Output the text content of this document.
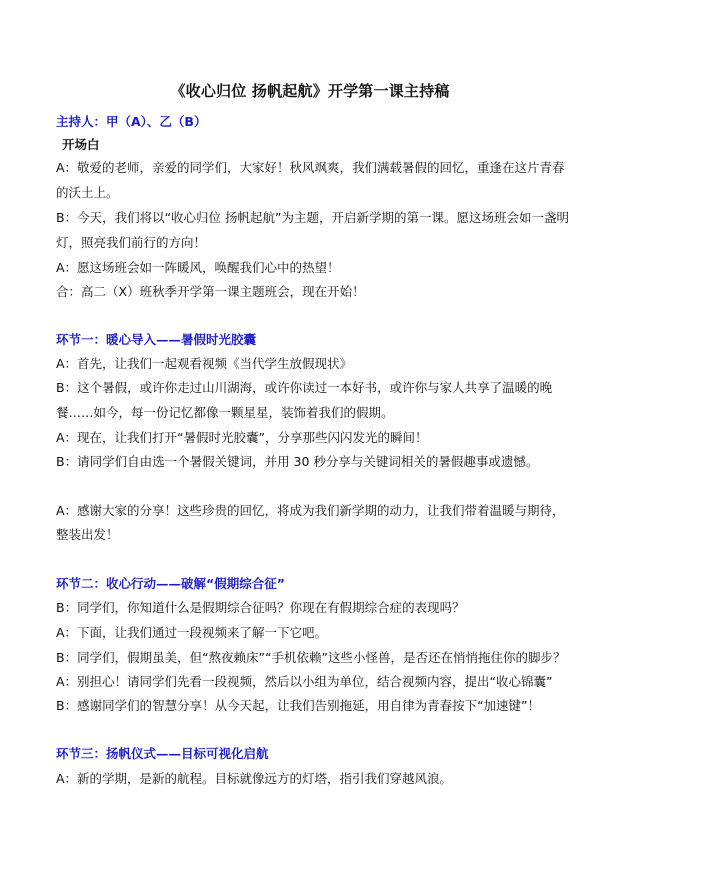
《收心归位 扬帆起航》开学第一课主持稿
主持人：甲（A）、乙（B）
开场白
A：敬爱的老师，亲爱的同学们，大家好！秋风飒爽，我们满载暑假的回忆，重逢在这片青春
的沃土上。
B：今天，我们将以“收心归位 扬帆起航”为主题，开启新学期的第一课。愿这场班会如一盏明
灯，照亮我们前行的方向！
A：愿这场班会如一阵暖风，唤醒我们心中的热望！
合：高二（X）班秋季开学第一课主题班会，现在开始！
环节一：暖心导入——暑假时光胶囊
A：首先，让我们一起观看视频《当代学生放假现状》
B：这个暑假，或许你走过山川湖海，或许你读过一本好书，或许你与家人共享了温暖的晚
餐……如今，每一份记忆都像一颗星星，装饰着我们的假期。
A：现在，让我们打开“暑假时光胶囊”，分享那些闪闪发光的瞬间！
B：请同学们自由选一个暑假关键词，并用 30 秒分享与关键词相关的暑假趣事或遗憾。
A：感谢大家的分享！这些珍贵的回忆，将成为我们新学期的动力，让我们带着温暖与期待，
整装出发！
环节二：收心行动——破解“假期综合征”
B：同学们，你知道什么是假期综合征吗？你现在有假期综合症的表现吗？
A：下面，让我们通过一段视频来了解一下它吧。
B：同学们，假期虽美，但“熬夜赖床”“手机依赖”这些小怪兽，是否还在悄悄拖住你的脚步？
A：别担心！请同学们先看一段视频，然后以小组为单位，结合视频内容，提出“收心锦囊”
B：感谢同学们的智慧分享！从今天起，让我们告别拖延，用自律为青春按下“加速键”！
环节三：扬帆仪式——目标可视化启航
A：新的学期，是新的航程。目标就像远方的灯塔，指引我们穿越风浪。
